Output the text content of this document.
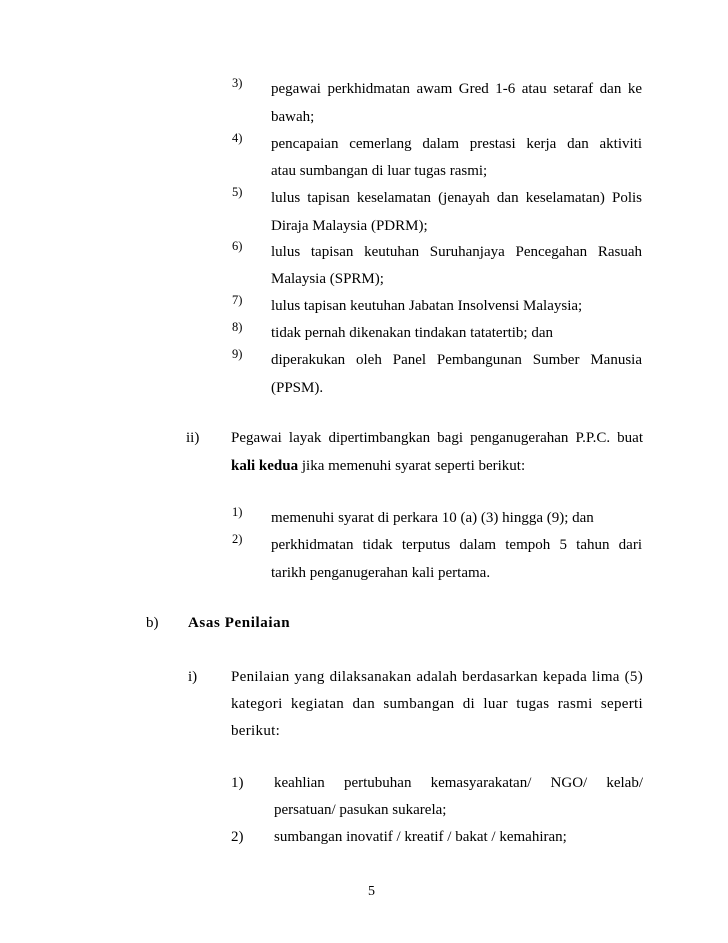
3) pegawai perkhidmatan awam Gred 1-6 atau setaraf dan ke
bawah;
4) pencapaian cemerlang dalam prestasi kerja dan aktiviti
atau sumbangan di luar tugas rasmi;
5) lulus tapisan keselamatan (jenayah dan keselamatan) Polis
Diraja Malaysia (PDRM);
6) lulus tapisan keutuhan Suruhanjaya Pencegahan Rasuah
Malaysia (SPRM);
7) lulus tapisan keutuhan Jabatan Insolvensi Malaysia;
8) tidak pernah dikenakan tindakan tatatertib; dan
9) diperakukan oleh Panel Pembangunan Sumber Manusia
(PPSM).
ii) Pegawai layak dipertimbangkan bagi penganugerahan P.P.C. buat
kali kedua jika memenuhi syarat seperti berikut:
1) memenuhi syarat di perkara 10 (a) (3) hingga (9); dan
2) perkhidmatan tidak terputus dalam tempoh 5 tahun dari
tarikh penganugerahan kali pertama.
b) Asas Penilaian
i) Penilaian yang dilaksanakan adalah berdasarkan kepada lima (5)
kategori kegiatan dan sumbangan di luar tugas rasmi seperti
berikut:
1) keahlian pertubuhan kemasyarakatan/ NGO/ kelab/
persatuan/ pasukan sukarela;
2) sumbangan inovatif / kreatif / bakat / kemahiran;
5
